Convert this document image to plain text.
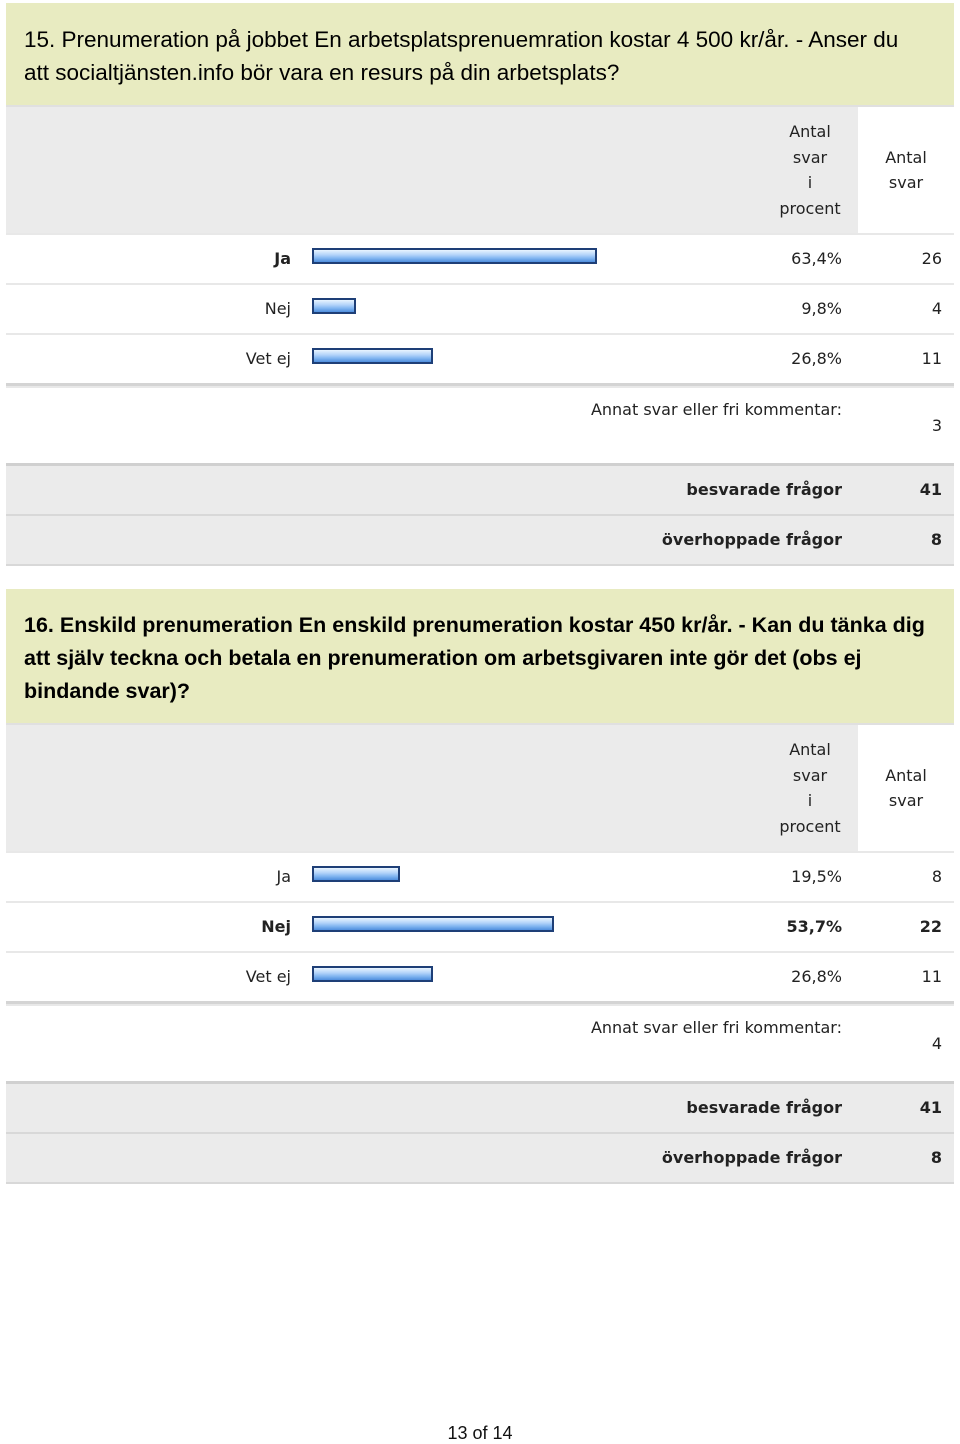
15. Prenumeration på jobbet En arbetsplatsprenuemration kostar 4 500 kr/år. - Anser du
att socialtjänsten.info bör vara en resurs på din arbetsplats?
Antal
svar
i
procent
Antal
svar
Ja	63,4%	26
Nej	9,8%	4
Vet ej	26,8%	11
Annat svar eller fri kommentar:
3
besvarade frågor	41
överhoppade frågor	8
16. Enskild prenumeration En enskild prenumeration kostar 450 kr/år. - Kan du tänka dig
att själv teckna och betala en prenumeration om arbetsgivaren inte gör det (obs ej
bindande svar)?
Antal
svar
i
procent
Antal
svar
Ja	19,5%	8
Nej	53,7%	22
Vet ej	26,8%	11
Annat svar eller fri kommentar:
4
besvarade frågor	41
överhoppade frågor	8
13 of 14
